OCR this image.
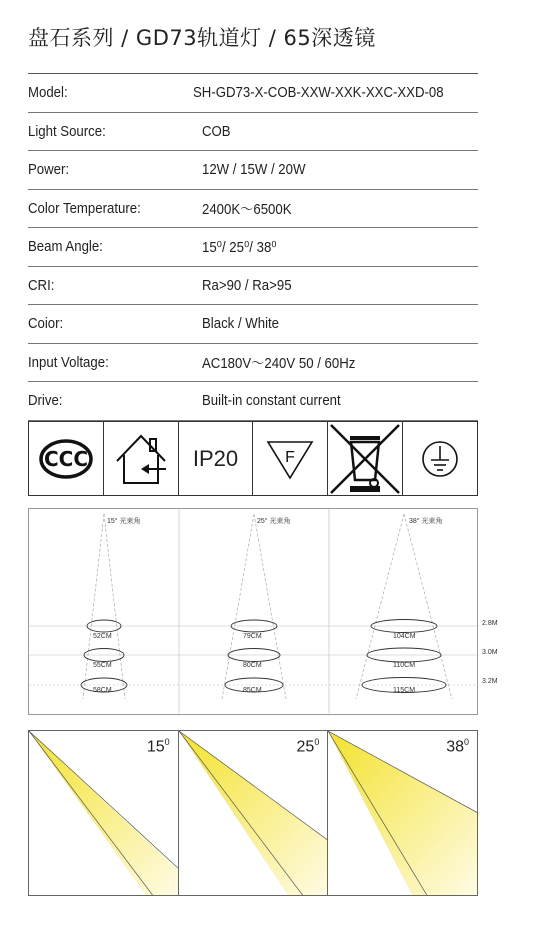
盘石系列 / GD73轨道灯 / 65深透镜
Model:	SH-GD73-X-COB-XXW-XXK-XXC-XXD-08
Light Source:	COB
Power:	12W / 15W / 20W
Color Temperature:	2400K～6500K
Beam Angle:	15⁰/ 25⁰/ 38⁰
CRI:	Ra>90 / Ra>95
Coior:	Black / White
Input Voltage:	AC180V～240V 50 / 60Hz
Drive:	Built-in constant current
CCC	IP20	F
15° 光束角	25° 光束角	38° 光束角
52CM
55CM
58CM
79CM
80CM
85CM
104CM
110CM
115CM
2.8M
3.0M
3.2M
$15^0$	$25^0$	$38^0$
